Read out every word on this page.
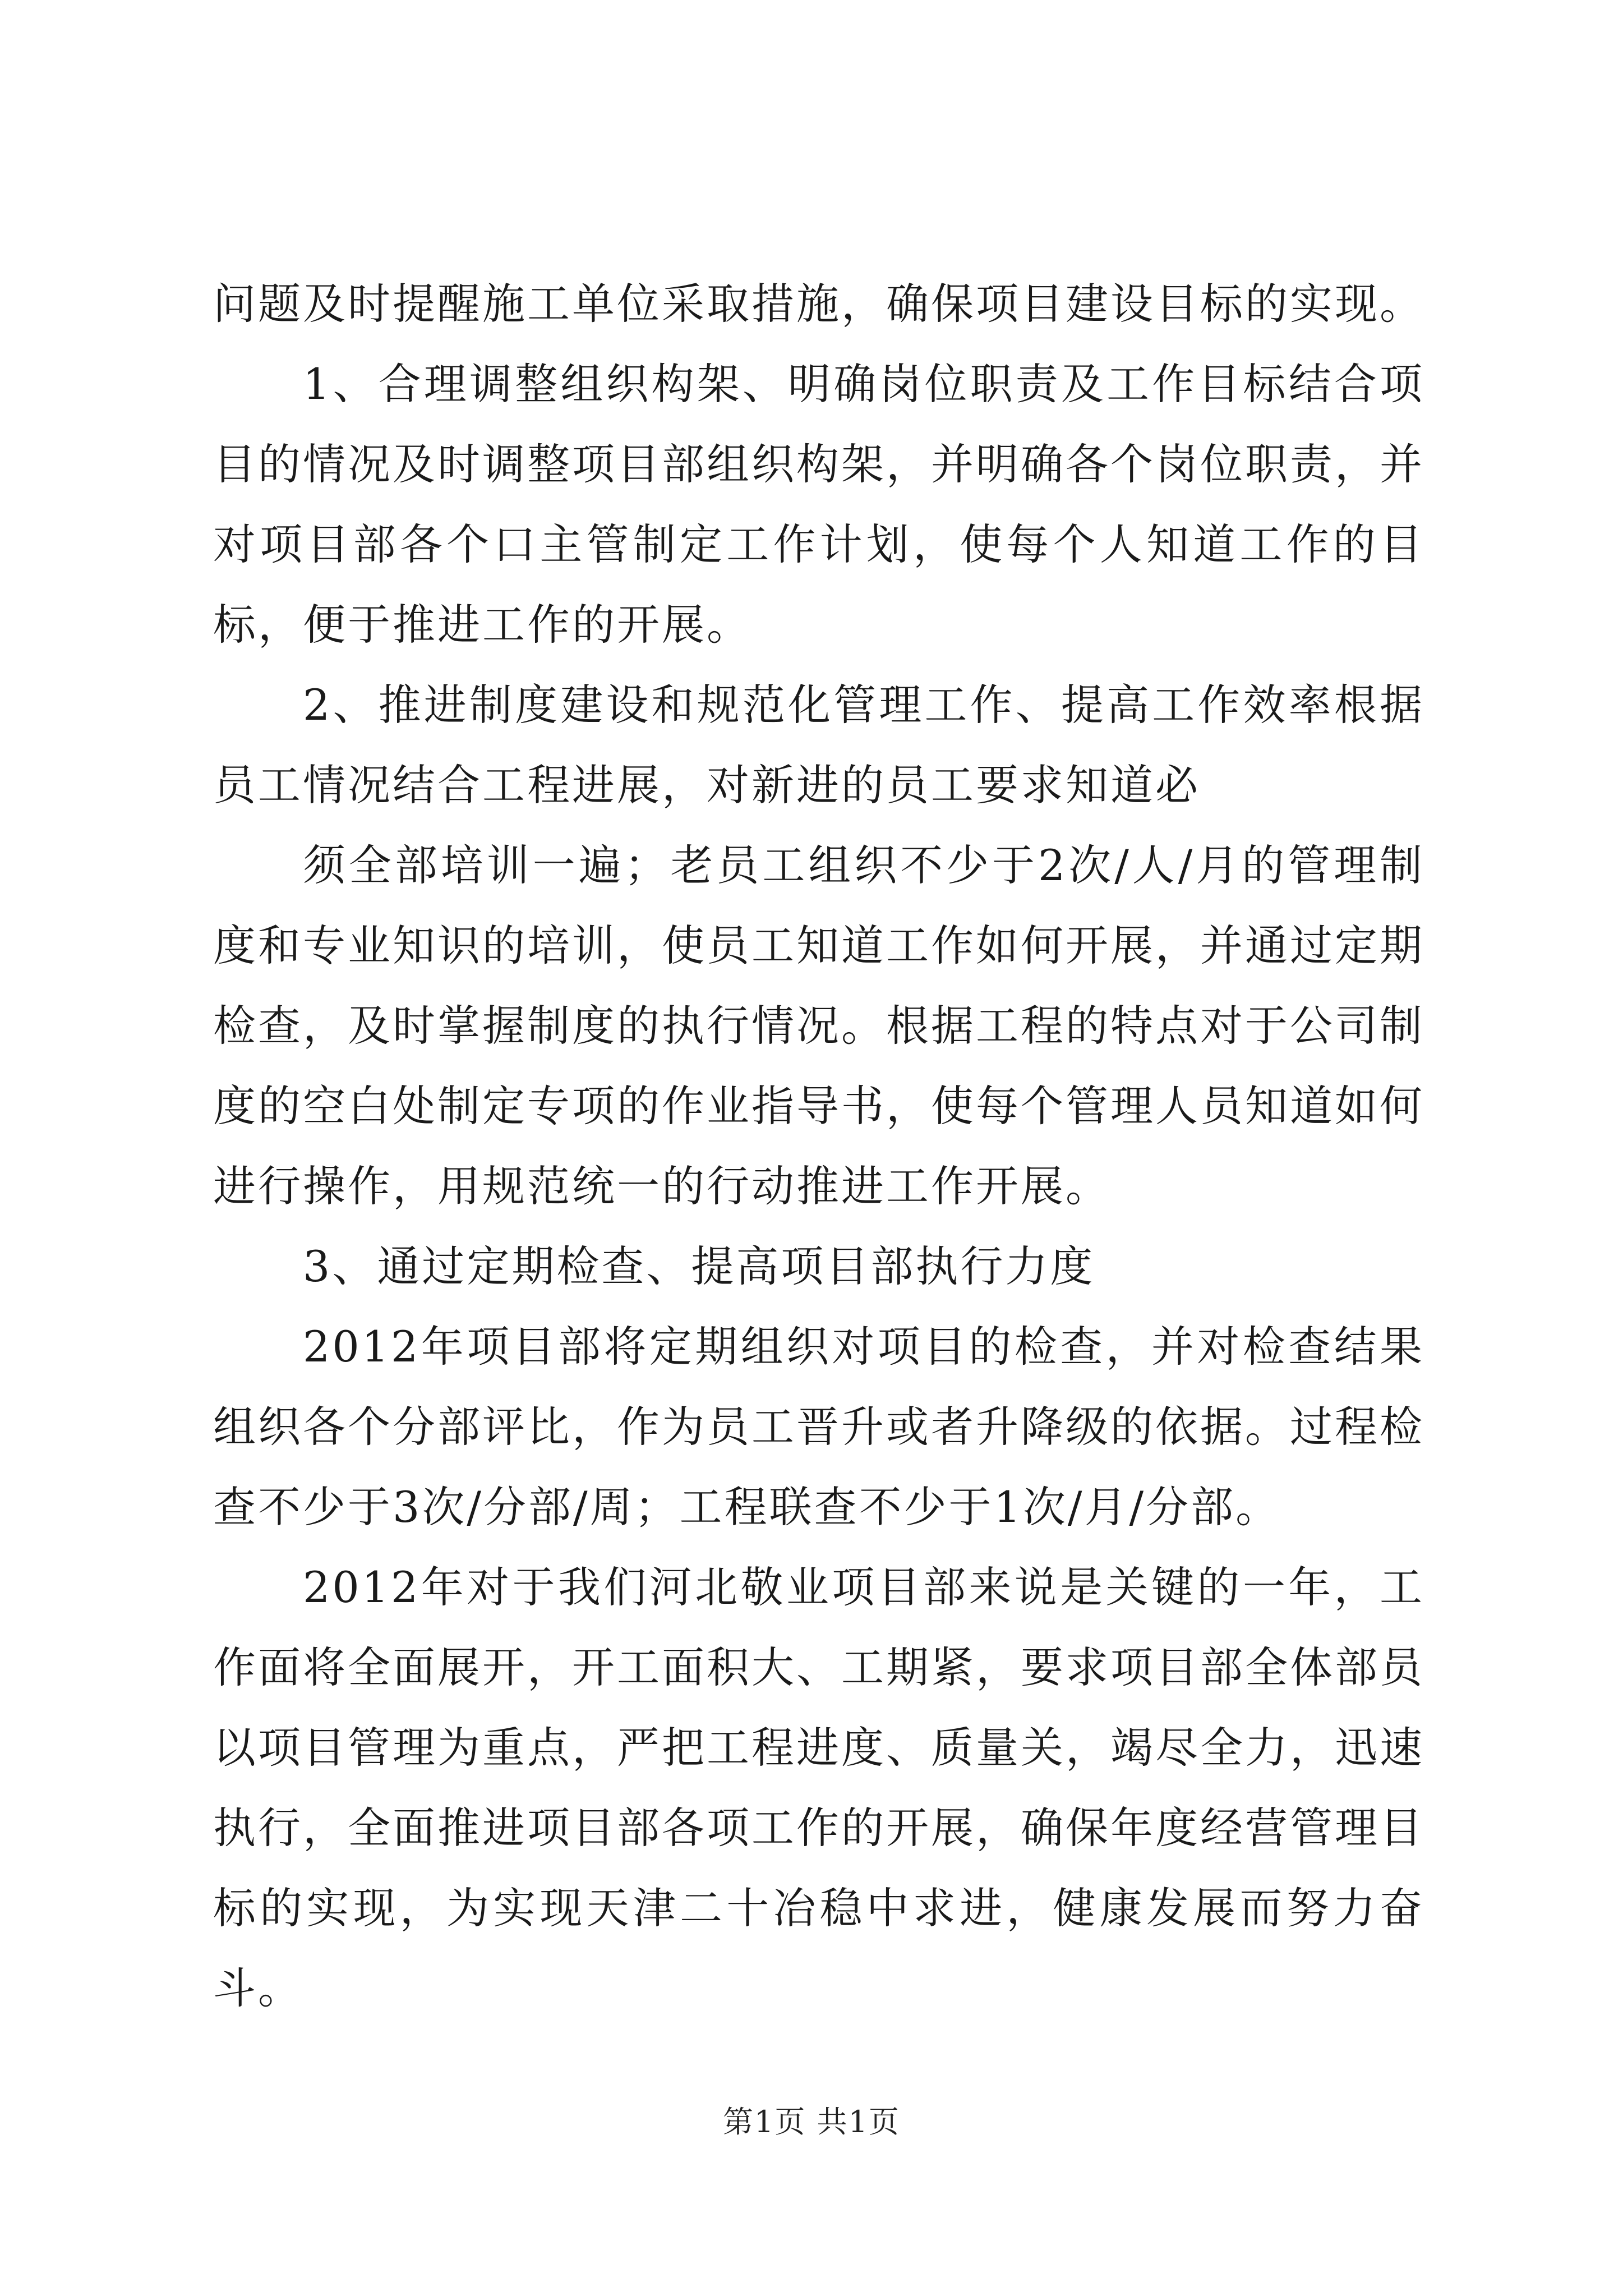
问题及时提醒施工单位采取措施，确保项目建设目标的实现。

1、合理调整组织构架、明确岗位职责及工作目标结合项目的情况及时调整项目部组织构架，并明确各个岗位职责，并对项目部各个口主管制定工作计划，使每个人知道工作的目标，便于推进工作的开展。

2、推进制度建设和规范化管理工作、提高工作效率根据员工情况结合工程进展，对新进的员工要求知道必

须全部培训一遍；老员工组织不少于2次/人/月的管理制度和专业知识的培训，使员工知道工作如何开展，并通过定期检查，及时掌握制度的执行情况。根据工程的特点对于公司制度的空白处制定专项的作业指导书，使每个管理人员知道如何进行操作，用规范统一的行动推进工作开展。

3、通过定期检查、提高项目部执行力度

2012年项目部将定期组织对项目的检查，并对检查结果组织各个分部评比，作为员工晋升或者升降级的依据。过程检查不少于3次/分部/周；工程联查不少于1次/月/分部。

2012年对于我们河北敬业项目部来说是关键的一年，工作面将全面展开，开工面积大、工期紧，要求项目部全体部员以项目管理为重点，严把工程进度、质量关，竭尽全力，迅速执行，全面推进项目部各项工作的开展，确保年度经营管理目标的实现，为实现天津二十冶稳中求进，健康发展而努力奋斗。

第1页 共1页
